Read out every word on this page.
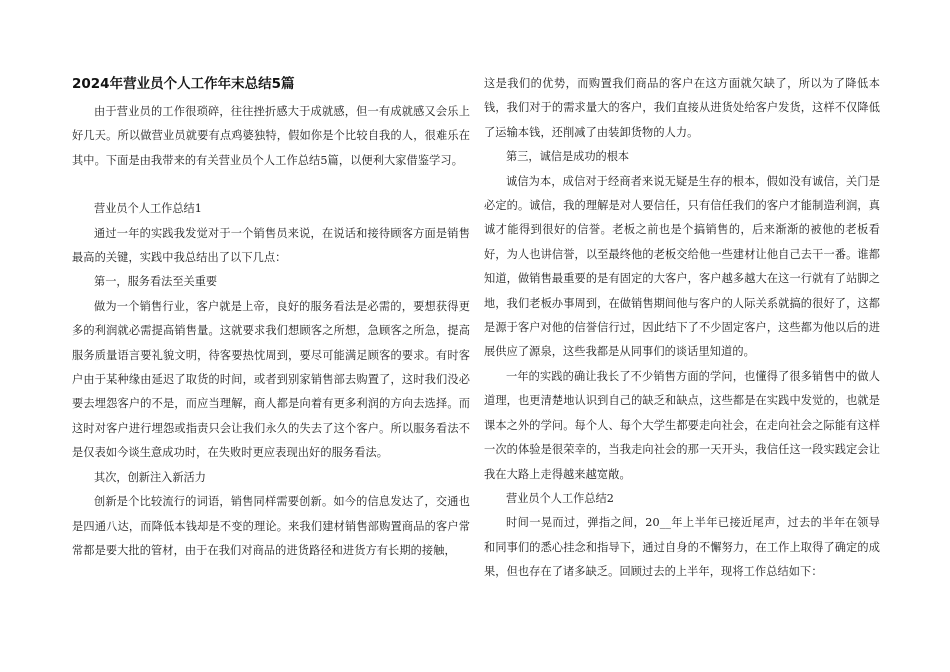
2024年营业员个人工作年末总结5篇

由于营业员的工作很琐碎，往往挫折感大于成就感，但一有成就感又会乐上好几天。所以做营业员就要有点鸡婆独特，假如你是个比较自我的人，很难乐在其中。下面是由我带来的有关营业员个人工作总结5篇，以便利大家借鉴学习。

营业员个人工作总结1

通过一年的实践我发觉对于一个销售员来说，在说话和接待顾客方面是销售最高的关键，实践中我总结出了以下几点：

第一，服务看法至关重要

做为一个销售行业，客户就是上帝，良好的服务看法是必需的，要想获得更多的利润就必需提高销售量。这就要求我们想顾客之所想，急顾客之所急，提高服务质量语言要礼貌文明，待客要热忱周到，要尽可能满足顾客的要求。有时客户由于某种缘由延迟了取货的时间，或者到别家销售部去购置了，这时我们没必要去埋怨客户的不是，而应当理解，商人都是向着有更多利润的方向去选择。而这时对客户进行埋怨或指责只会让我们永久的失去了这个客户。所以服务看法不是仅表如今谈生意成功时，在失败时更应表现出好的服务看法。

其次，创新注入新活力

创新是个比较流行的词语，销售同样需要创新。如今的信息发达了，交通也是四通八达，而降低本钱却是不变的理论。来我们建材销售部购置商品的客户常常都是要大批的管材，由于在我们对商品的进货路径和进货方有长期的接触，

这是我们的优势，而购置我们商品的客户在这方面就欠缺了，所以为了降低本钱，我们对于的需求量大的客户，我们直接从进货处给客户发货，这样不仅降低了运输本钱，还削减了由装卸货物的人力。

第三，诚信是成功的根本

诚信为本，成信对于经商者来说无疑是生存的根本，假如没有诚信，关门是必定的。诚信，我的理解是对人要信任，只有信任我们的客户才能制造利润，真诚才能得到很好的信誉。老板之前也是个搞销售的，后来渐渐的被他的老板看好，为人也讲信誉，以至最终他的老板交给他一些建材让他自己去干一番。谁都知道，做销售最重要的是有固定的大客户，客户越多越大在这一行就有了站脚之地，我们老板办事周到，在做销售期间他与客户的人际关系就搞的很好了，这都是源于客户对他的信誉信行过，因此结下了不少固定客户，这些都为他以后的进展供应了源泉，这些我都是从同事们的谈话里知道的。

一年的实践的确让我长了不少销售方面的学问，也懂得了很多销售中的做人道理，也更清楚地认识到自己的缺乏和缺点，这些都是在实践中发觉的，也就是课本之外的学问。每个人、每个大学生都要走向社会，在走向社会之际能有这样一次的体验是很荣幸的，当我走向社会的那一天开头，我信任这一段实践定会让我在大路上走得越来越宽敞。

营业员个人工作总结2

时间一晃而过，弹指之间，20__年上半年已接近尾声，过去的半年在领导和同事们的悉心挂念和指导下，通过自身的不懈努力，在工作上取得了确定的成果，但也存在了诸多缺乏。回顾过去的上半年，现将工作总结如下：
